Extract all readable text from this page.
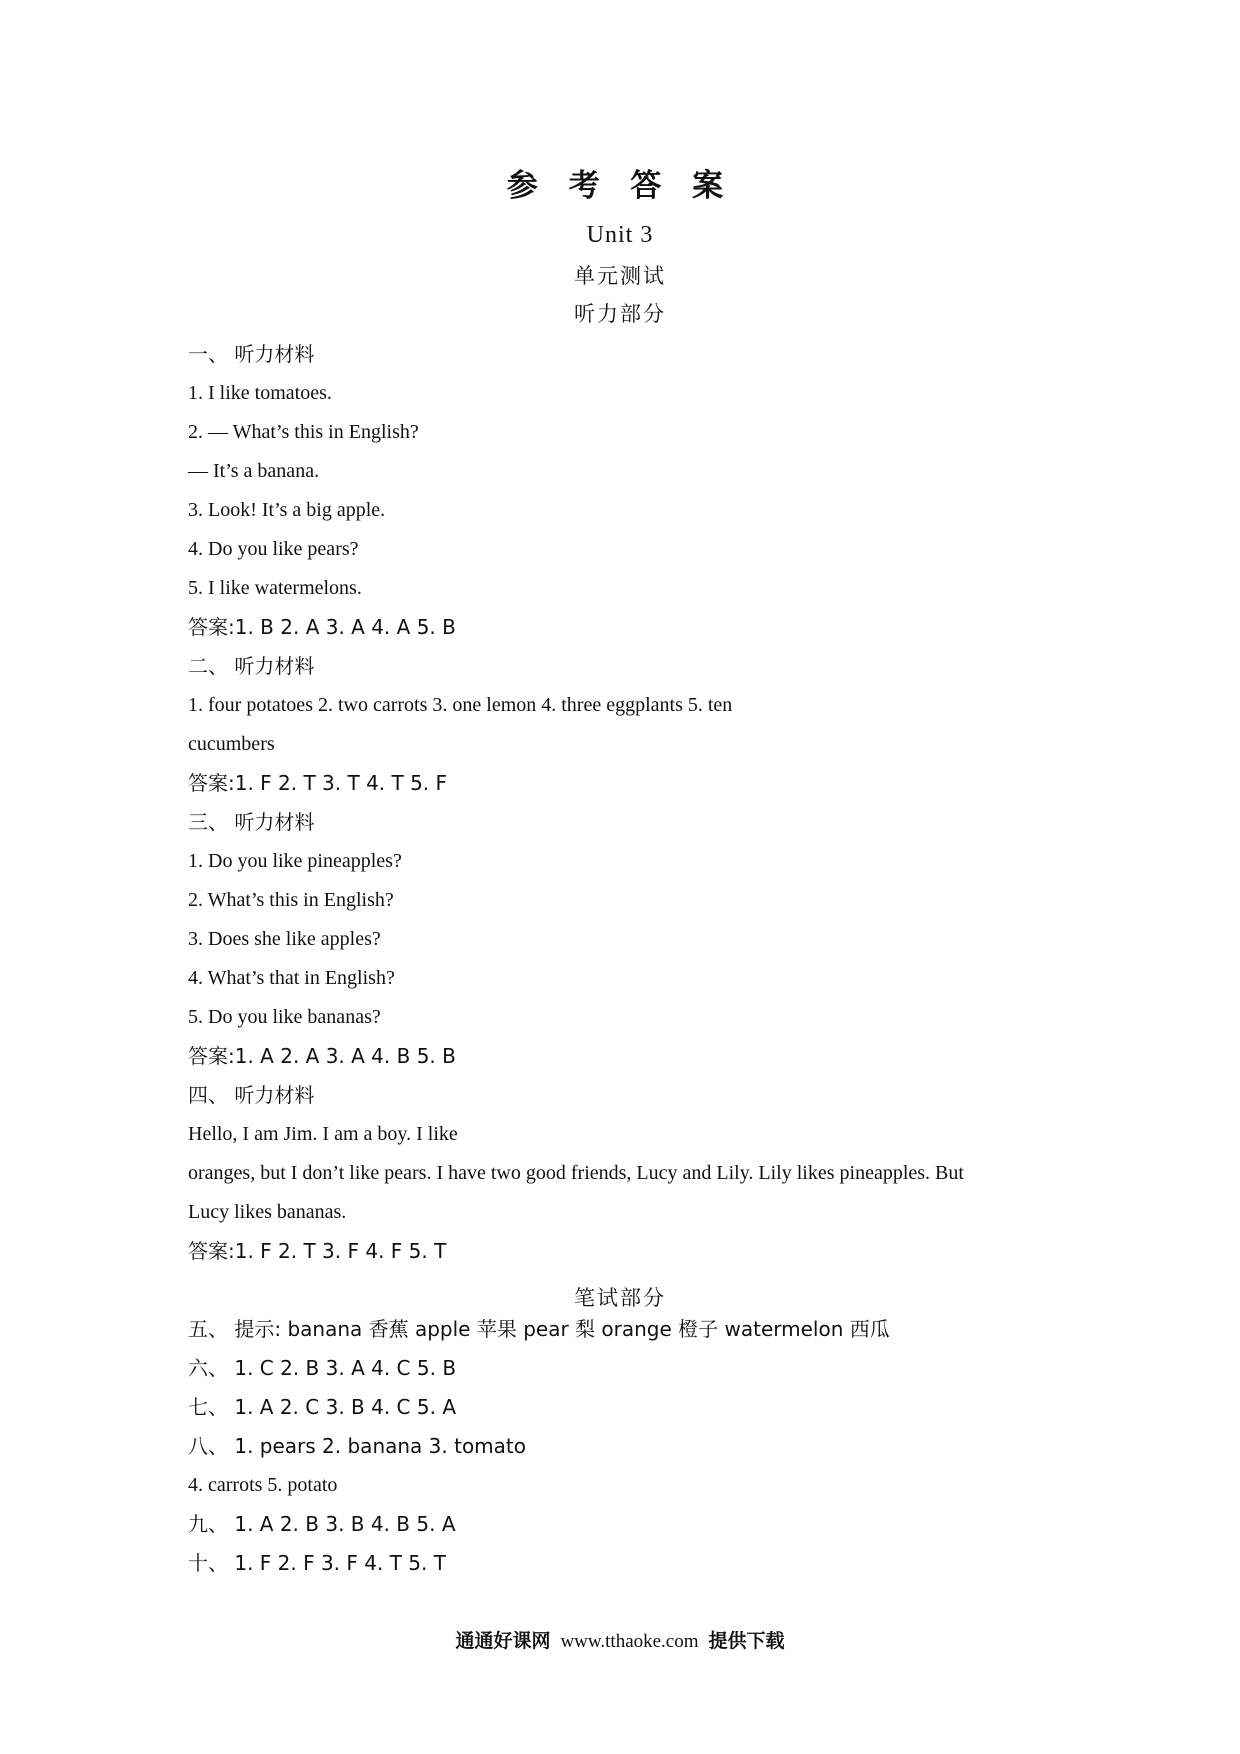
参 考 答 案
Unit 3
单元测试
听力部分
一、 听力材料
1. I like tomatoes.
2. — What’s this in English?
— It’s a banana.
3. Look! It’s a big apple.
4. Do you like pears?
5. I like watermelons.
答案:1. B 2. A 3. A 4. A 5. B
二、 听力材料
1. four potatoes 2. two carrots 3. one lemon 4. three eggplants 5. ten
cucumbers
答案:1. F 2. T 3. T 4. T 5. F
三、 听力材料
1. Do you like pineapples?
2. What’s this in English?
3. Does she like apples?
4. What’s that in English?
5. Do you like bananas?
答案:1. A 2. A 3. A 4. B 5. B
四、 听力材料
Hello, I am Jim. I am a boy. I like
oranges, but I don’t like pears. I have two good friends, Lucy and Lily. Lily likes pineapples. But
Lucy likes bananas.
答案:1. F 2. T 3. F 4. F 5. T
五、 提示: banana 香蕉 apple 苹果 pear 梨 orange 橙子 watermelon 西瓜
六、 1. C 2. B 3. A 4. C 5. B
七、 1. A 2. C 3. B 4. C 5. A
八、 1. pears 2. banana 3. tomato
4. carrots 5. potato
九、 1. A 2. B 3. B 4. B 5. A
十、 1. F 2. F 3. F 4. T 5. T
笔试部分
通通好课网 www.tthaoke.com 提供下载
